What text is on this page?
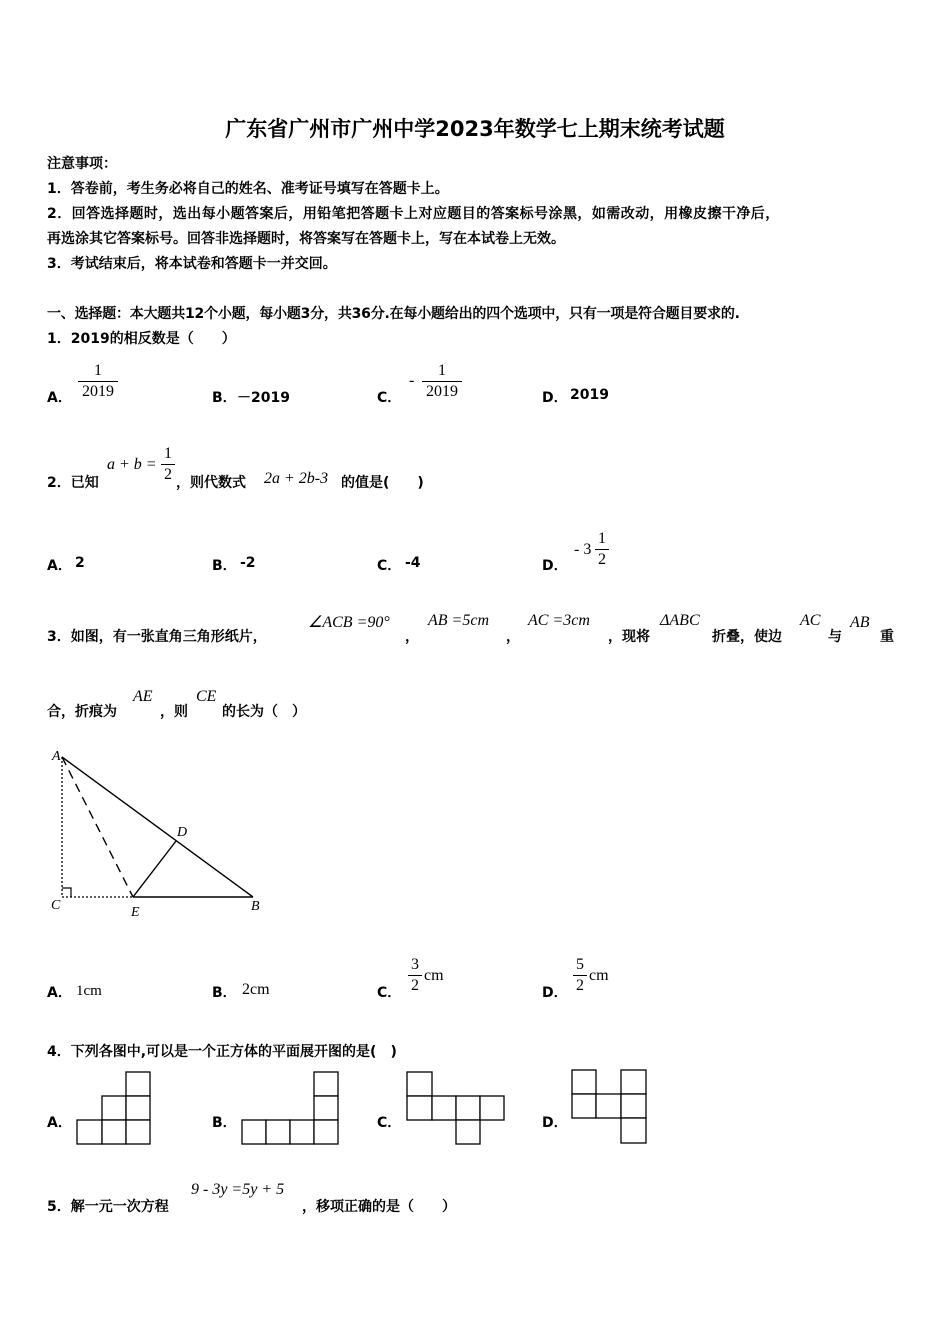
广东省广州市广州中学2023年数学七上期末统考试题
注意事项：
1．答卷前，考生务必将自己的姓名、准考证号填写在答题卡上。
2．回答选择题时，选出每小题答案后，用铅笔把答题卡上对应题目的答案标号涂黑，如需改动，用橡皮擦干净后，
再选涂其它答案标号。回答非选择题时，将答案写在答题卡上，写在本试卷上无效。
3．考试结束后，将本试卷和答题卡一并交回。
一、选择题：本大题共12个小题，每小题3分，共36分.在每小题给出的四个选项中，只有一项是符合题目要求的.
1．2019的相反数是（　　）
A．
1
2019	B． －2019	C．
-
1
2019	D． 2019
2．已知
a + b =
1
2 ，则代数式 2a + 2b-3 的值是(　　)
A． 2	B． -2	C． -4	D．
- 3
1
2
3．如图，有一张直角三角形纸片，
∠ACB =90°
，
AB =5cm
，
AC =3cm
，现将
ΔABC
折叠，使边
AC
与
AB
重
合，折痕为
AE
，则
CE
的长为（　）
A
D
C	E	B
A． 1cm	B． 2cm	C．
3
2
cm
D．
5
2
cm
4．下列各图中,可以是一个正方体的平面展开图的是(　)
A．	B．	C．	D．
5．解一元一次方程
9 - 3y =5y + 5
，移项正确的是（　　）
